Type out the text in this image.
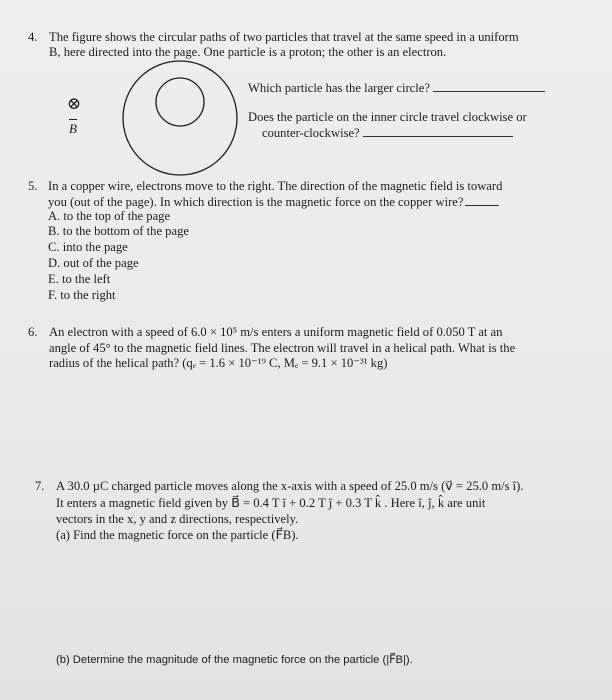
4. The figure shows the circular paths of two particles that travel at the same speed in a uniform
B, here directed into the page. One particle is a proton; the other is an electron.
⊗
B
Which particle has the larger circle?
Does the particle on the inner circle travel clockwise or
counter-clockwise?
5. In a copper wire, electrons move to the right. The direction of the magnetic field is toward
you (out of the page). In which direction is the magnetic force on the copper wire?
A. to the top of the page
B. to the bottom of the page
C. into the page
D. out of the page
E. to the left
F. to the right
6. An electron with a speed of 6.0 × 10⁵ m/s enters a uniform magnetic field of 0.050 T at an
angle of 45° to the magnetic field lines. The electron will travel in a helical path. What is the
radius of the helical path? (qₑ = 1.6 × 10⁻¹⁹ C, Mₑ = 9.1 × 10⁻³¹ kg)
7. A 30.0 µC charged particle moves along the x-axis with a speed of 25.0 m/s (v⃗ = 25.0 m/s î).
It enters a magnetic field given by B⃗ = 0.4 T î + 0.2 T ĵ + 0.3 T k̂ . Here î, ĵ, k̂ are unit
vectors in the x, y and z directions, respectively.
(a) Find the magnetic force on the particle (F⃗B).
(b) Determine the magnitude of the magnetic force on the particle (|F⃗B|).
